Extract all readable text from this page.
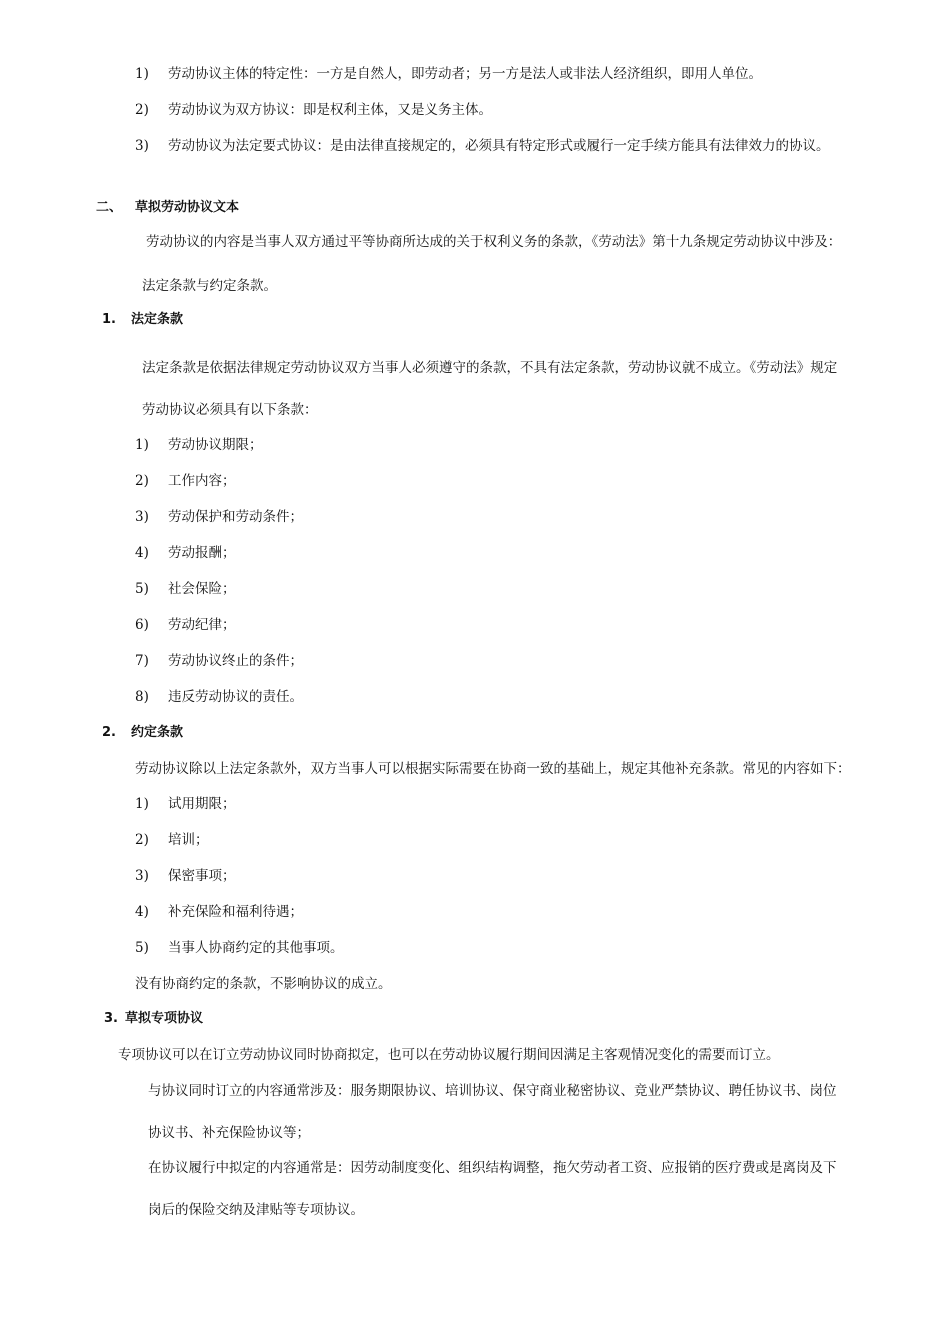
1) 劳动协议主体的特定性：一方是自然人，即劳动者；另一方是法人或非法人经济组织，即用人单位。
2) 劳动协议为双方协议：即是权利主体，又是义务主体。
3) 劳动协议为法定要式协议：是由法律直接规定的，必须具有特定形式或履行一定手续方能具有法律效力的协议。
二、 草拟劳动协议文本
劳动协议的内容是当事人双方通过平等协商所达成的关于权利义务的条款，《劳动法》第十九条规定劳动协议中涉及：
法定条款与约定条款。
1. 法定条款
法定条款是依据法律规定劳动协议双方当事人必须遵守的条款，不具有法定条款，劳动协议就不成立。《劳动法》规定
劳动协议必须具有以下条款：
1) 劳动协议期限；
2) 工作内容；
3) 劳动保护和劳动条件；
4) 劳动报酬；
5) 社会保险；
6) 劳动纪律；
7) 劳动协议终止的条件；
8) 违反劳动协议的责任。
2. 约定条款
劳动协议除以上法定条款外，双方当事人可以根据实际需要在协商一致的基础上，规定其他补充条款。常见的内容如下：
1) 试用期限；
2) 培训；
3) 保密事项；
4) 补充保险和福利待遇；
5) 当事人协商约定的其他事项。
没有协商约定的条款，不影响协议的成立。
3. 草拟专项协议
专项协议可以在订立劳动协议同时协商拟定，也可以在劳动协议履行期间因满足主客观情况变化的需要而订立。
与协议同时订立的内容通常涉及：服务期限协议、培训协议、保守商业秘密协议、竞业严禁协议、聘任协议书、岗位
协议书、补充保险协议等；
在协议履行中拟定的内容通常是：因劳动制度变化、组织结构调整，拖欠劳动者工资、应报销的医疗费或是离岗及下
岗后的保险交纳及津贴等专项协议。
